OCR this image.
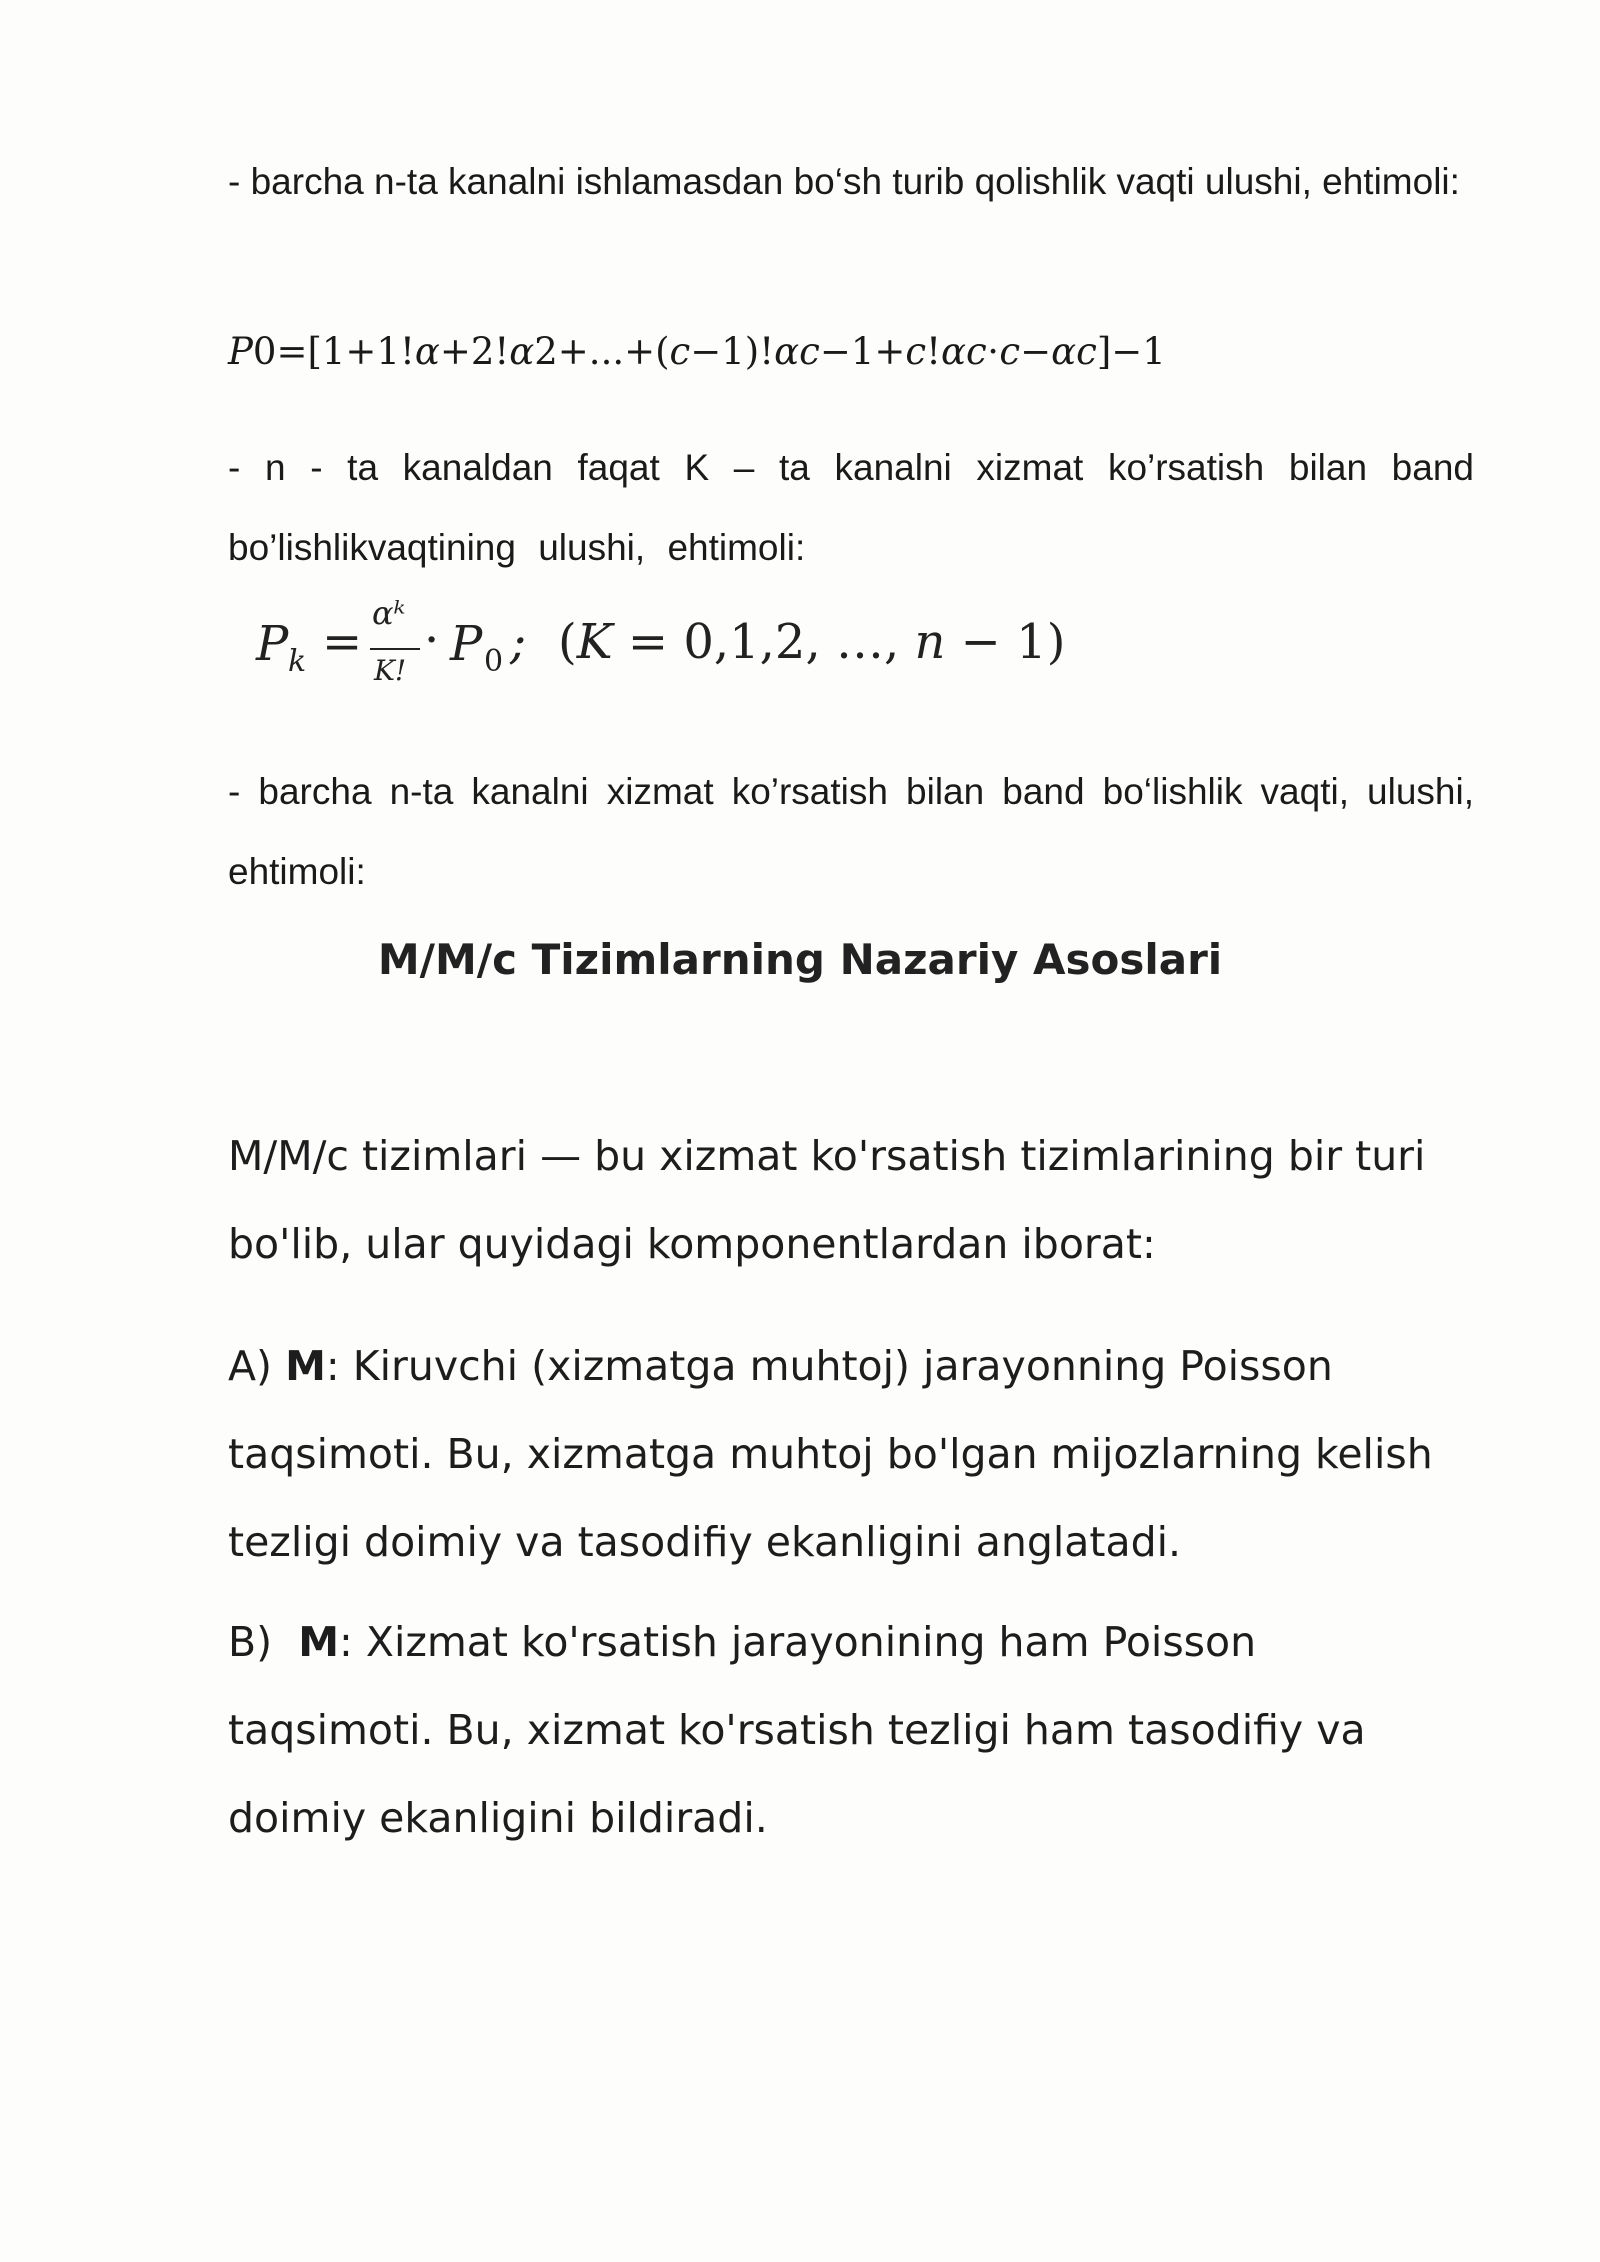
- barcha n-ta kanalni ishlamasdan bo‘sh turib qolishlik vaqti ulushi, ehtimoli:
P0=[1+1!α+2!α2+...+(c−1)!αc−1+c!αc⋅c−αc]−1
- n - ta kanaldan faqat K – ta kanalni xizmat ko’rsatish bilan band bo’lishlikvaqtining ulushi, ehtimoli:
P k =
αᵏ
K!
· P 0 ; (K = 0,1,2, …, n − 1)
- barcha n-ta kanalni xizmat ko’rsatish bilan band bo‘lishlik vaqti, ulushi, ehtimoli:
M/M/c Tizimlarning Nazariy Asoslari
M/M/c tizimlari — bu xizmat ko'rsatish tizimlarining bir turi bo'lib, ular quyidagi komponentlardan iborat:
A) M: Kiruvchi (xizmatga muhtoj) jarayonning Poisson taqsimoti. Bu, xizmatga muhtoj bo'lgan mijozlarning kelish tezligi doimiy va tasodifiy ekanligini anglatadi.
B)  M: Xizmat ko'rsatish jarayonining ham Poisson taqsimoti. Bu, xizmat ko'rsatish tezligi ham tasodifiy va doimiy ekanligini bildiradi.
